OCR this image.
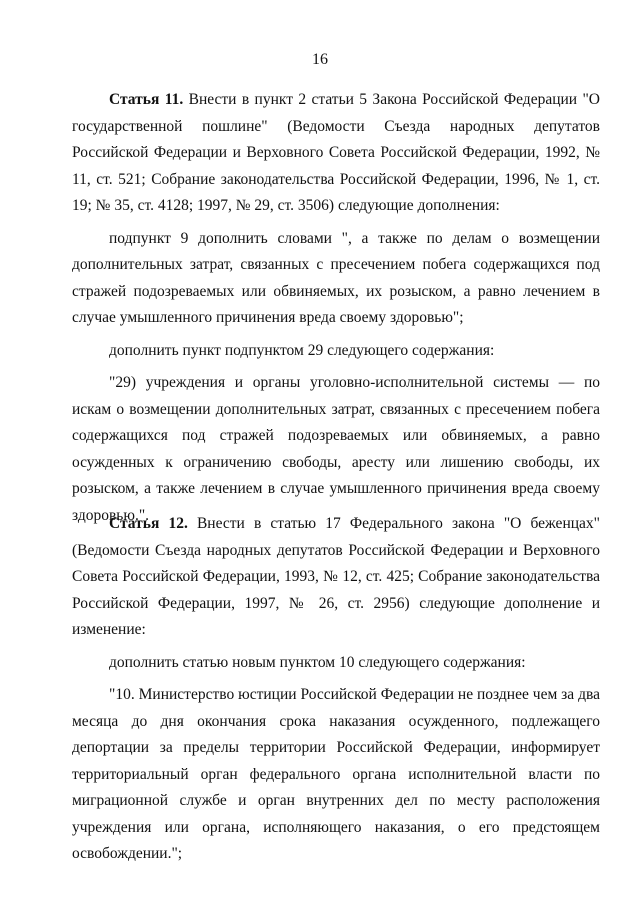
16

Статья 11. Внести в пункт 2 статьи 5 Закона Российской Федерации "О государственной пошлине" (Ведомости Съезда народных депутатов Российской Федерации и Верховного Совета Российской Федерации, 1992, № 11, ст. 521; Собрание законодательства Российской Федерации, 1996, № 1, ст. 19; № 35, ст. 4128; 1997, № 29, ст. 3506) следующие дополнения:

подпункт 9 дополнить словами ", а также по делам о возмещении дополнительных затрат, связанных с пресечением побега содержащихся под стражей подозреваемых или обвиняемых, их розыском, а равно лечением в случае умышленного причинения вреда своему здоровью";

дополнить пункт подпунктом 29 следующего содержания:

"29) учреждения и органы уголовно-исполнительной системы — по искам о возмещении дополнительных затрат, связанных с пресечением побега содержащихся под стражей подозреваемых или обвиняемых, а равно осужденных к ограничению свободы, аресту или лишению свободы, их розыском, а также лечением в случае умышленного причинения вреда своему здоровью.".

Статья 12. Внести в статью 17 Федерального закона "О беженцах" (Ведомости Съезда народных депутатов Российской Федерации и Верховного Совета Российской Федерации, 1993, № 12, ст. 425; Собрание законодательства Российской Федерации, 1997, № 26, ст. 2956) следующие дополнение и изменение:

дополнить статью новым пунктом 10 следующего содержания:

"10. Министерство юстиции Российской Федерации не позднее чем за два месяца до дня окончания срока наказания осужденного, подлежащего депортации за пределы территории Российской Федерации, информирует территориальный орган федерального органа исполнительной власти по миграционной службе и орган внутренних дел по месту расположения учреждения или органа, исполняющего наказания, о его предстоящем освобождении.";
